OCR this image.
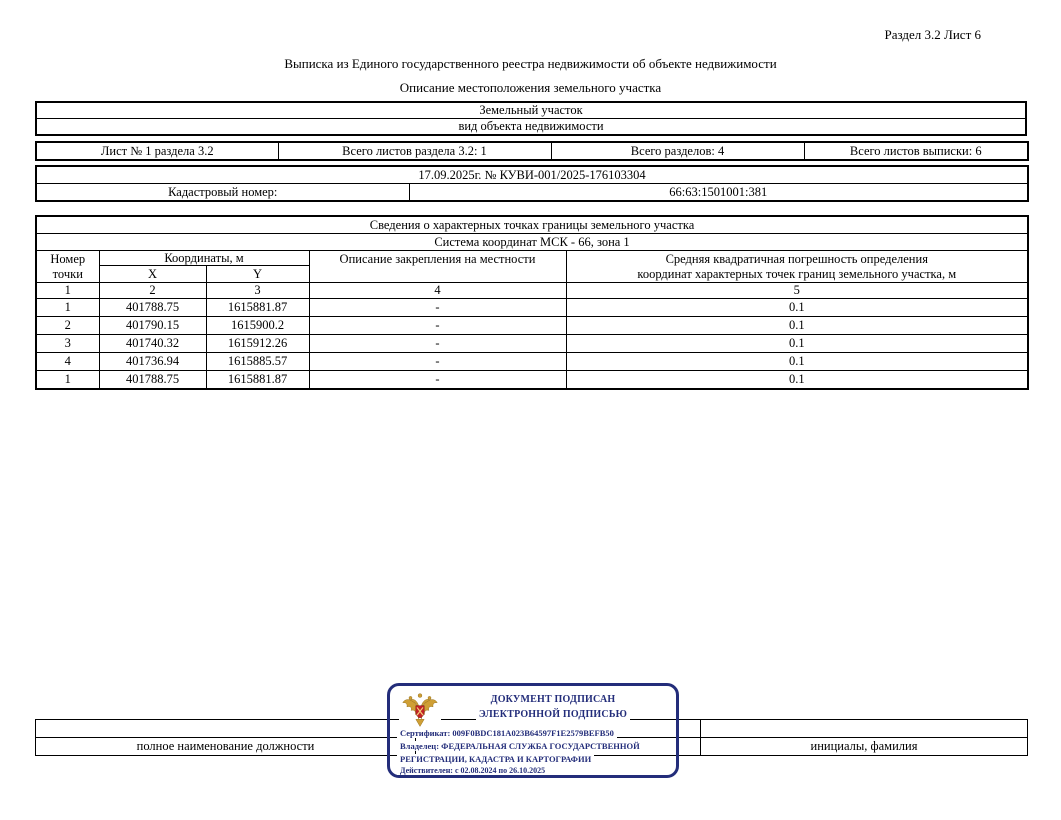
Раздел 3.2 Лист 6
Выписка из Единого государственного реестра недвижимости об объекте недвижимости
Описание местоположения земельного участка
Земельный участок
вид объекта недвижимости
Лист № 1 раздела 3.2	Всего листов раздела 3.2: 1	Всего разделов: 4	Всего листов выписки: 6
17.09.2025г. № КУВИ-001/2025-176103304
Кадастровый номер:	66:63:1501001:381
Сведения о характерных точках границы земельного участка				
Система координат МСК - 66, зона 1				
Номер точки	Координаты, м		Описание закрепления на местности	Средняя квадратичная погрешность определения
координат характерных точек границ земельного участка, м
	X	Y		
1	2	3	4	5
1	401788.75	1615881.87	-	0.1
2	401790.15	1615900.2	-	0.1
3	401740.32	1615912.26	-	0.1
4	401736.94	1615885.57	-	0.1
1	401788.75	1615881.87	-	0.1

полное наименование должности		инициалы, фамилия
ДОКУМЕНТ ПОДПИСАН
ЭЛЕКТРОННОЙ ПОДПИСЬЮ
Сертификат: 009F0BDC181A023B64597F1E2579BEFB50
Владелец: ФЕДЕРАЛЬНАЯ СЛУЖБА ГОСУДАРСТВЕННОЙ
РЕГИСТРАЦИИ, КАДАСТРА И КАРТОГРАФИИ
Действителен: с 02.08.2024 по 26.10.2025
